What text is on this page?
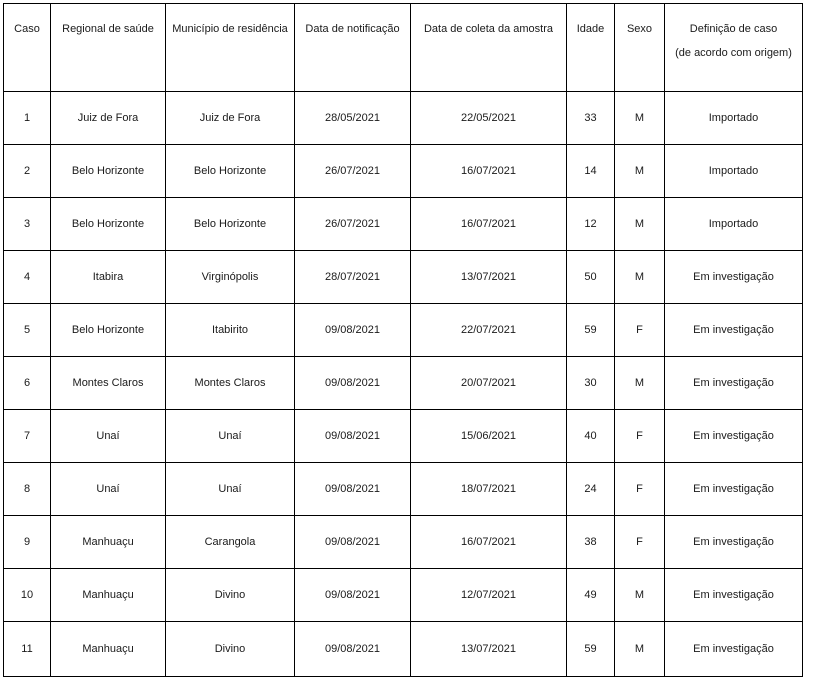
Caso	Regional de saúde	Município de residência	Data de notificação	Data de coleta da amostra	Idade	Sexo	Definição de caso
(de acordo com origem)

1	Juiz de Fora	Juiz de Fora	28/05/2021	22/05/2021	33	M	Importado
2	Belo Horizonte	Belo Horizonte	26/07/2021	16/07/2021	14	M	Importado
3	Belo Horizonte	Belo Horizonte	26/07/2021	16/07/2021	12	M	Importado
4	Itabira	Virginópolis	28/07/2021	13/07/2021	50	M	Em investigação
5	Belo Horizonte	Itabirito	09/08/2021	22/07/2021	59	F	Em investigação
6	Montes Claros	Montes Claros	09/08/2021	20/07/2021	30	M	Em investigação
7	Unaí	Unaí	09/08/2021	15/06/2021	40	F	Em investigação
8	Unaí	Unaí	09/08/2021	18/07/2021	24	F	Em investigação
9	Manhuaçu	Carangola	09/08/2021	16/07/2021	38	F	Em investigação
10	Manhuaçu	Divino	09/08/2021	12/07/2021	49	M	Em investigação
11	Manhuaçu	Divino	09/08/2021	13/07/2021	59	M	Em investigação
